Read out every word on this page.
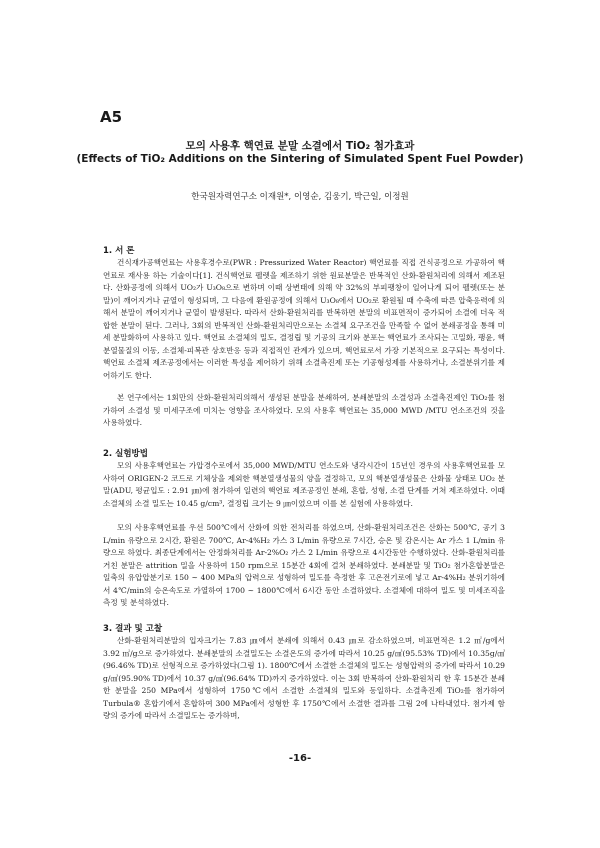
A5
모의 사용후 핵연료 분말 소결에서 TiO₂ 첨가효과
(Effects of TiO₂ Additions on the Sintering of Simulated Spent Fuel Powder)
한국원자력연구소 이재원*, 이영순, 김웅기, 박근일, 이정원
1. 서 론

건식재가공핵연료는 사용후경수로(PWR : Pressurized Water Reactor) 핵연료를 직접 건식공정으로 가공하여 핵연료로 재사용 하는 기술이다[1]. 건식핵연료 펠렛을 제조하기 위한 원료분말은 반복적인 산화-환원처리에 의해서 제조된다. 산화공정에 의해서 UO₂가 U₃O₈으로 변하며 이때 상변태에 의해 약 32%의 부피팽창이 일어나게 되어 펠렛(또는 분말)이 깨어지거나 균열이 형성되며, 그 다음에 환원공정에 의해서 U₃O₈에서 UO₂로 환원될 때 수축에 따른 압축응력에 의해서 분말이 깨어지거나 균열이 발생된다. 따라서 산화-환원처리를 반복하면 분말의 비표면적이 증가되어 소결에 더욱 적합한 분말이 된다. 그러나, 3회의 반복적인 산화-환원처리만으로는 소결체 요구조건을 만족할 수 없어 분쇄공정을 통해 미세 분말화하여 사용하고 있다. 핵연료 소결체의 밀도, 결정립 및 기공의 크기와 분포는 핵연료가 조사되는 고밀화, 팽윤, 핵분열물질의 이동, 소결체-피복관 상호반응 등과 직접적인 관계가 있으며, 핵연료로서 가장 기본적으로 요구되는 특성이다. 핵연료 소결체 제조공정에서는 이러한 특성을 제어하기 위해 소결촉진제 또는 기공형성제를 사용하거나, 소결분위기를 제어하기도 한다.

본 연구에서는 1회만의 산화-환원처리의해서 생성된 분말을 분쇄하여, 분쇄분말의 소결성과 소결촉진제인 TiO₂를 첨가하여 소결성 및 미세구조에 미치는 영향을 조사하였다. 모의 사용후 핵연료는 35,000 MWD /MTU 연소조건의 것을 사용하였다.

2. 실험방법

모의 사용후핵연료는 가압경수로에서 35,000 MWD/MTU 연소도와 냉각시간이 15년인 경우의 사용후핵연료를 모사하여 ORIGEN-2 코드로 기체상을 제외한 핵분열생성물의 양을 결정하고, 모의 핵분열생성물은 산화물 상태로 UO₂ 분말(ADU, 평균입도 : 2.91 ㎛)에 첨가하여 일련의 핵연료 제조공정인 분쇄, 혼합, 성형, 소결 단계를 거쳐 제조하였다. 이때 소결체의 소결 밀도는 10.45 g/cm³, 결정립 크기는 9 ㎛이었으며 이를 본 실험에 사용하였다.

모의 사용후핵연료를 우선 500℃에서 산화에 의한 전처리를 하였으며, 산화-환원처리조건은 산화는 500℃, 공기 3 L/min 유량으로 2시간, 환원은 700℃, Ar-4%H₂ 가스 3 L/min 유량으로 7시간, 승온 및 감온시는 Ar 가스 1 L/min 유량으로 하였다. 최종단계에서는 안정화처리를 Ar-2%O₂ 가스 2 L/min 유량으로 4시간동안 수행하였다. 산화-환원처리를 거친 분말은 attrition 밀을 사용하여 150 rpm으로 15분간 4회에 걸쳐 분쇄하였다. 분쇄분말 및 TiO₂ 첨가혼합분말은 일축의 유압압분기로 150 ~ 400 MPa의 압력으로 성형하여 밀도를 측정한 후 고온전기로에 넣고 Ar-4%H₂ 분위기하에서 4℃/min의 승온속도로 가열하여 1700 ~ 1800℃에서 6시간 동안 소결하였다. 소결체에 대하여 밀도 및 미세조직을 측정 및 분석하였다.

3. 결과 및 고찰

산화-환원처리분말의 입자크기는 7.83 ㎛에서 분쇄에 의해서 0.43 ㎛로 감소하였으며, 비표면적은 1.2 ㎡/g에서 3.92 ㎡/g으로 증가하였다. 분쇄분말의 소결밀도는 소결온도의 증가에 따라서 10.25 g/㎤(95.53% TD)에서 10.35g/㎤(96.46% TD)로 선형적으로 증가하였다(그림 1). 1800℃에서 소결한 소결체의 밀도는 성형압력의 증가에 따라서 10.29 g/㎤(95.90% TD)에서 10.37 g/㎤(96.64% TD)까지 증가하였다. 이는 3회 반복하여 산화-환원처리 한 후 15분간 분쇄한 분말을 250 MPa에서 성형하여 1750℃에서 소결한 소결체의 밀도와 동일하다. 소결촉진제 TiO₂를 첨가하여 Turbula® 혼합기에서 혼합하여 300 MPa에서 성형한 후 1750℃에서 소결한 결과를 그림 2에 나타내었다. 첨가제 함량의 증가에 따라서 소결밀도는 증가하며,

-16-
